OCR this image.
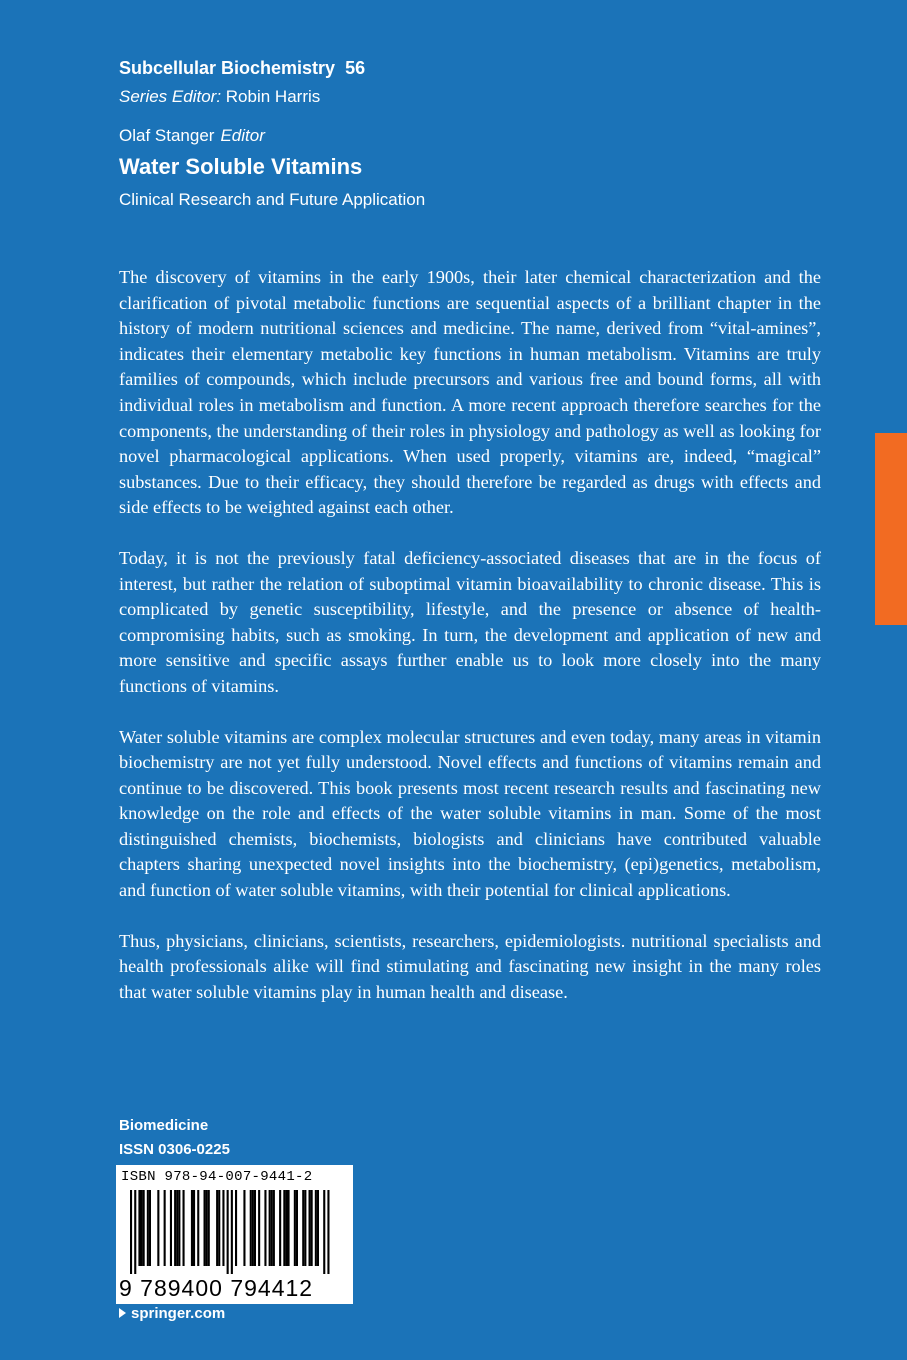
Subcellular Biochemistry 56
Series Editor: Robin Harris
Olaf Stanger Editor
Water Soluble Vitamins
Clinical Research and Future Application

The discovery of vitamins in the early 1900s, their later chemical characterization and the clarification of pivotal metabolic functions are sequential aspects of a brilliant chapter in the history of modern nutritional sciences and medicine. The name, derived from “vital-amines”, indicates their elementary metabolic key functions in human metabolism. Vitamins are truly families of compounds, which include precursors and various free and bound forms, all with individual roles in metabolism and function. A more recent approach therefore searches for the components, the understanding of their roles in physiology and pathology as well as looking for novel pharmacological applications. When used properly, vitamins are, indeed, “magical” substances. Due to their efficacy, they should therefore be regarded as drugs with effects and side effects to be weighted against each other.

Today, it is not the previously fatal deficiency-associated diseases that are in the focus of interest, but rather the relation of suboptimal vitamin bioavailability to chronic disease. This is complicated by genetic susceptibility, lifestyle, and the presence or absence of health-compromising habits, such as smoking. In turn, the development and application of new and more sensitive and specific assays further enable us to look more closely into the many functions of vitamins.

Water soluble vitamins are complex molecular structures and even today, many areas in vitamin biochemistry are not yet fully understood. Novel effects and functions of vitamins remain and continue to be discovered. This book presents most recent research results and fascinating new knowledge on the role and effects of the water soluble vitamins in man. Some of the most distinguished chemists, biochemists, biologists and clinicians have contributed valuable chapters sharing unexpected novel insights into the biochemistry, (epi)genetics, metabolism, and function of water soluble vitamins, with their potential for clinical applications.

Thus, physicians, clinicians, scientists, researchers, epidemiologists. nutritional specialists and health professionals alike will find stimulating and fascinating new insight in the many roles that water soluble vitamins play in human health and disease.

Biomedicine
ISSN 0306-0225
ISBN 978-94-007-9441-2
9 789400 794412
springer.com
